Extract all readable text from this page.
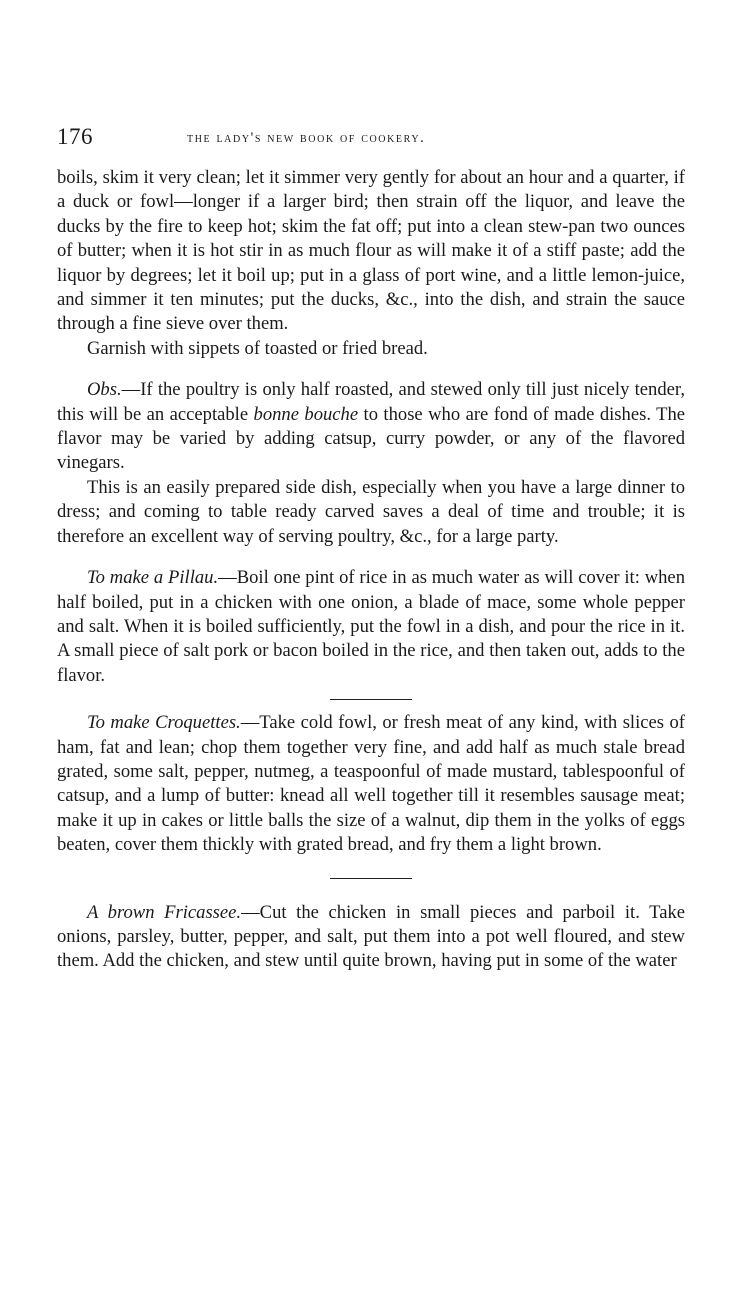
176	the lady's new book of cookery.

boils, skim it very clean; let it simmer very gently for about an hour and a quarter, if a duck or fowl—longer if a larger bird; then strain off the liquor, and leave the ducks by the fire to keep hot; skim the fat off; put into a clean stew-pan two ounces of butter; when it is hot stir in as much flour as will make it of a stiff paste; add the liquor by degrees; let it boil up; put in a glass of port wine, and a little lemon-juice, and simmer it ten minutes; put the ducks, &c., into the dish, and strain the sauce through a fine sieve over them.

Garnish with sippets of toasted or fried bread.

Obs.—If the poultry is only half roasted, and stewed only till just nicely tender, this will be an acceptable bonne bouche to those who are fond of made dishes. The flavor may be varied by adding catsup, curry powder, or any of the flavored vinegars.

This is an easily prepared side dish, especially when you have a large dinner to dress; and coming to table ready carved saves a deal of time and trouble; it is therefore an excellent way of serving poultry, &c., for a large party.

To make a Pillau.—Boil one pint of rice in as much water as will cover it: when half boiled, put in a chicken with one onion, a blade of mace, some whole pepper and salt. When it is boiled sufficiently, put the fowl in a dish, and pour the rice in it. A small piece of salt pork or bacon boiled in the rice, and then taken out, adds to the flavor.

To make Croquettes.—Take cold fowl, or fresh meat of any kind, with slices of ham, fat and lean; chop them together very fine, and add half as much stale bread grated, some salt, pepper, nutmeg, a teaspoonful of made mustard, tablespoonful of catsup, and a lump of butter: knead all well together till it resembles sausage meat; make it up in cakes or little balls the size of a walnut, dip them in the yolks of eggs beaten, cover them thickly with grated bread, and fry them a light brown.

A brown Fricassee.—Cut the chicken in small pieces and parboil it. Take onions, parsley, butter, pepper, and salt, put them into a pot well floured, and stew them. Add the chicken, and stew until quite brown, having put in some of the water
